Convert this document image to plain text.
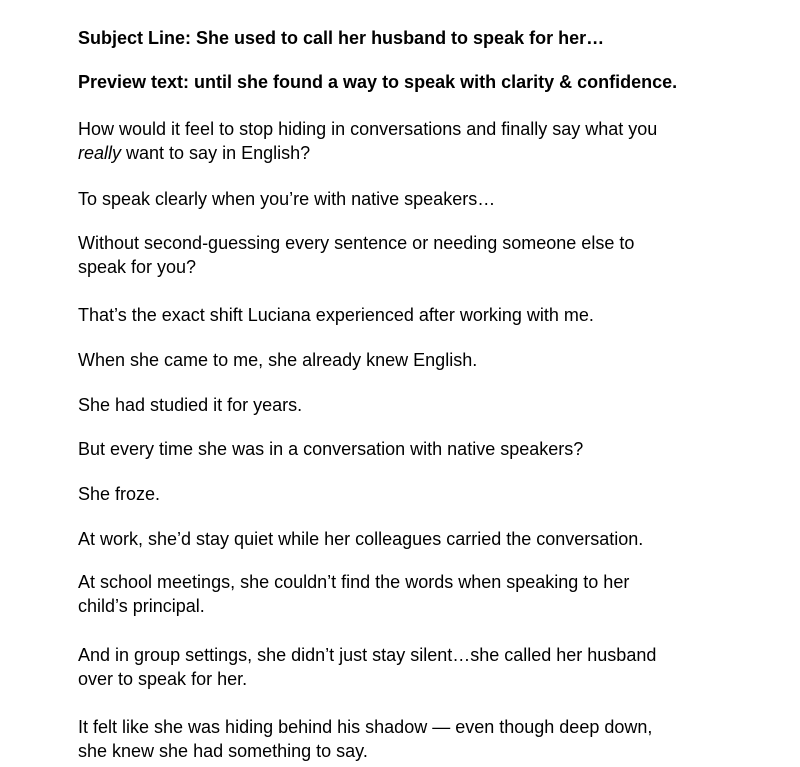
Subject Line: She used to call her husband to speak for her…

Preview text: until she found a way to speak with clarity & confidence.

How would it feel to stop hiding in conversations and finally say what you
really want to say in English?

To speak clearly when you’re with native speakers…

Without second-guessing every sentence or needing someone else to
speak for you?

That’s the exact shift Luciana experienced after working with me.

When she came to me, she already knew English.

She had studied it for years.

But every time she was in a conversation with native speakers?

She froze.

At work, she’d stay quiet while her colleagues carried the conversation.

At school meetings, she couldn’t find the words when speaking to her
child’s principal.

And in group settings, she didn’t just stay silent…she called her husband
over to speak for her.

It felt like she was hiding behind his shadow — even though deep down,
she knew she had something to say.
